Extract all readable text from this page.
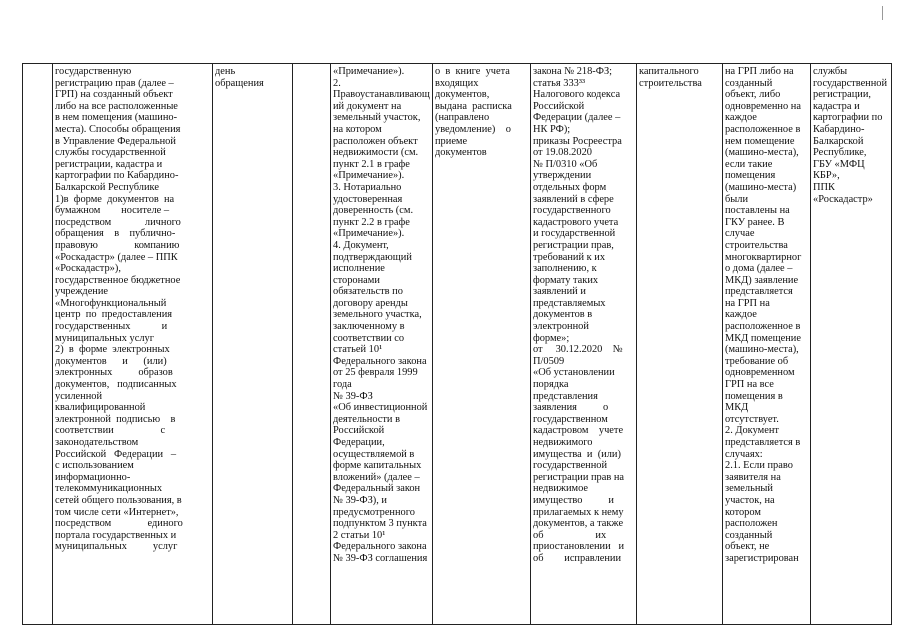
государственную
регистрацию прав (далее –
ГРП) на созданный объект
либо на все расположенные
в нем помещения (машино-
места). Способы обращения
в Управление Федеральной
службы государственной
регистрации, кадастра и
картографии по Кабардино-
Балкарской Республике
1)в  форме  документов  на
бумажном        носителе –
посредством             личного
обращения    в    публично-
правовую              компанию
«Роскадастр» (далее – ППК
«Роскадастр»),
государственное бюджетное
учреждение
«Многофункциональный
центр  по  предоставления
государственных            и
муниципальных услуг
2)  в  форме  электронных
документов      и      (или)
электронных          образов
документов,   подписанных
усиленной
квалифицированной
электронной  подписью    в
соответствии                  с
законодательством
Российской   Федерации   –
с использованием
информационно-
телекоммуникационных
сетей общего пользования, в
том числе сети «Интернет»,
посредством              единого
портала государственных и
муниципальных          услуг

день
обращения

«Примечание»).
2.
Правоустанавливающ
ий документ на
земельный участок,
на котором
расположен объект
недвижимости (см.
пункт 2.1 в графе
«Примечание»).
3. Нотариально
удостоверенная
доверенность (см.
пункт 2.2 в графе
«Примечание»).
4. Документ,
подтверждающий
исполнение
сторонами
обязательств по
договору аренды
земельного участка,
заключенному в
соответствии со
статьей 10¹
Федерального закона
от 25 февраля 1999
года
№ 39-ФЗ
«Об инвестиционной
деятельности в
Российской
Федерации,
осуществляемой в
форме капитальных
вложений» (далее –
Федеральный закон
№ 39-ФЗ), и
предусмотренного
подпунктом 3 пункта
2 статьи 10¹
Федерального закона
№ 39-ФЗ соглашения

о  в  книге  учета
входящих
документов,
выдана  расписка
(направлено
уведомление)    о
приеме
документов

закона № 218-ФЗ;
статья 333³³
Налогового кодекса
Российской
Федерации (далее –
НК РФ);
приказы Росреестра
от 19.08.2020
№ П/0310 «Об
утверждении
отдельных форм
заявлений в сфере
государственного
кадастрового учета
и государственной
регистрации прав,
требований к их
заполнению, к
формату таких
заявлений и
представляемых
документов в
электронной
форме»;
от     30.12.2020    №
П/0509
«Об установлении
порядка
представления
заявления          о
государственном
кадастровом    учете
недвижимого
имущества  и  (или)
государственной
регистрации прав на
недвижимое
имущество          и
прилагаемых к нему
документов, а также
об                    их
приостановлении   и
об        исправлении

капитального
строительства

на ГРП либо на
созданный
объект, либо
одновременно на
каждое
расположенное в
нем помещение
(машино-места),
если такие
помещения
(машино-места)
были
поставлены на
ГКУ ранее. В
случае
строительства
многоквартирног
о дома (далее –
МКД) заявление
представляется
на ГРП на
каждое
расположенное в
МКД помещение
(машино-места),
требование об
одновременном
ГРП на все
помещения в
МКД
отсутствует.
2. Документ
представляется в
случаях:
2.1. Если право
заявителя на
земельный
участок, на
котором
расположен
созданный
объект, не
зарегистрирован

службы
государственной
регистрации,
кадастра и
картографии по
Кабардино-
Балкарской
Республике,
ГБУ «МФЦ
КБР»,
ППК
«Роскадастр»
